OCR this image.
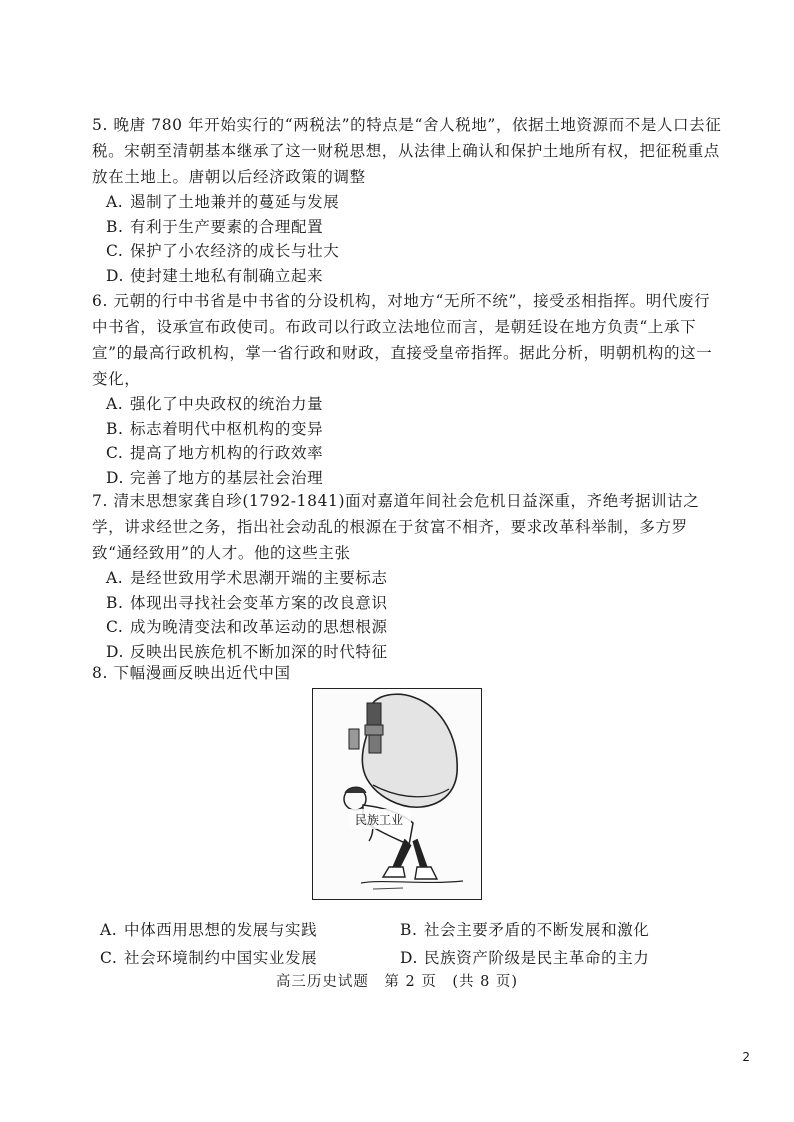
5. 晚唐 780 年开始实行的“两税法”的特点是“舍人税地”，依据土地资源而不是人口去征税。宋朝至清朝基本继承了这一财税思想，从法律上确认和保护土地所有权，把征税重点放在土地上。唐朝以后经济政策的调整

A. 遏制了土地兼并的蔓延与发展
B. 有利于生产要素的合理配置
C. 保护了小农经济的成长与壮大
D. 使封建土地私有制确立起来

6. 元朝的行中书省是中书省的分设机构，对地方“无所不统”，接受丞相指挥。明代废行中书省，设承宣布政使司。布政司以行政立法地位而言，是朝廷设在地方负责“上承下宣”的最高行政机构，掌一省行政和财政，直接受皇帝指挥。据此分析，明朝机构的这一变化，

A. 强化了中央政权的统治力量
B. 标志着明代中枢机构的变异
C. 提高了地方机构的行政效率
D. 完善了地方的基层社会治理

7. 清末思想家龚自珍(1792-1841)面对嘉道年间社会危机日益深重，齐绝考据训诂之学，讲求经世之务，指出社会动乱的根源在于贫富不相齐，要求改革科举制，多方罗致“通经致用”的人才。他的这些主张

A. 是经世致用学术思潮开端的主要标志
B. 体现出寻找社会变革方案的改良意识
C. 成为晚清变法和改革运动的思想根源
D. 反映出民族危机不断加深的时代特征

8. 下幅漫画反映出近代中国

民族工业
A. 中体西用思想的发展与实践	B. 社会主要矛盾的不断发展和激化
C. 社会环境制约中国实业发展	D. 民族资产阶级是民主革命的主力
高三历史试题　第 2 页　(共 8 页)
2
